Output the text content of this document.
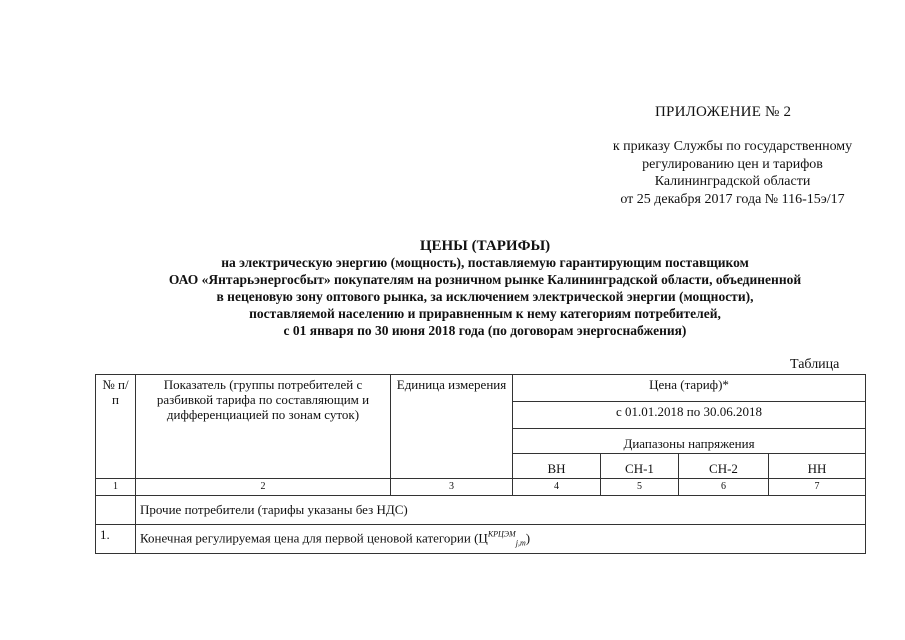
ПРИЛОЖЕНИЕ № 2
к приказу Службы по государственному
регулированию цен и тарифов
Калининградской области
от 25 декабря 2017 года № 116-15э/17
ЦЕНЫ (ТАРИФЫ)
на электрическую энергию (мощность), поставляемую гарантирующим поставщиком
ОАО «Янтарьэнергосбыт» покупателям на розничном рынке Калининградской области, объединенной
в неценовую зону оптового рынка, за исключением электрической энергии (мощности),
поставляемой населению и приравненным к нему категориям потребителей,
с 01 января по 30 июня 2018 года (по договорам энергоснабжения)
Таблица
№ п/п	Показатель (группы потребителей с разбивкой тарифа по составляющим и дифференциацией по зонам суток)	Единица измерения	Цена (тариф)*			
			с 01.01.2018 по 30.06.2018			
			Диапазоны напряжения			
			ВН	СН-1	СН-2	НН
1	2	3	4	5	6	7
	Прочие потребители (тарифы указаны без НДС)					
1.	Конечная регулируемая цена для первой ценовой категории $(Ц^{КРЦЭМ}_{j,m})$					
